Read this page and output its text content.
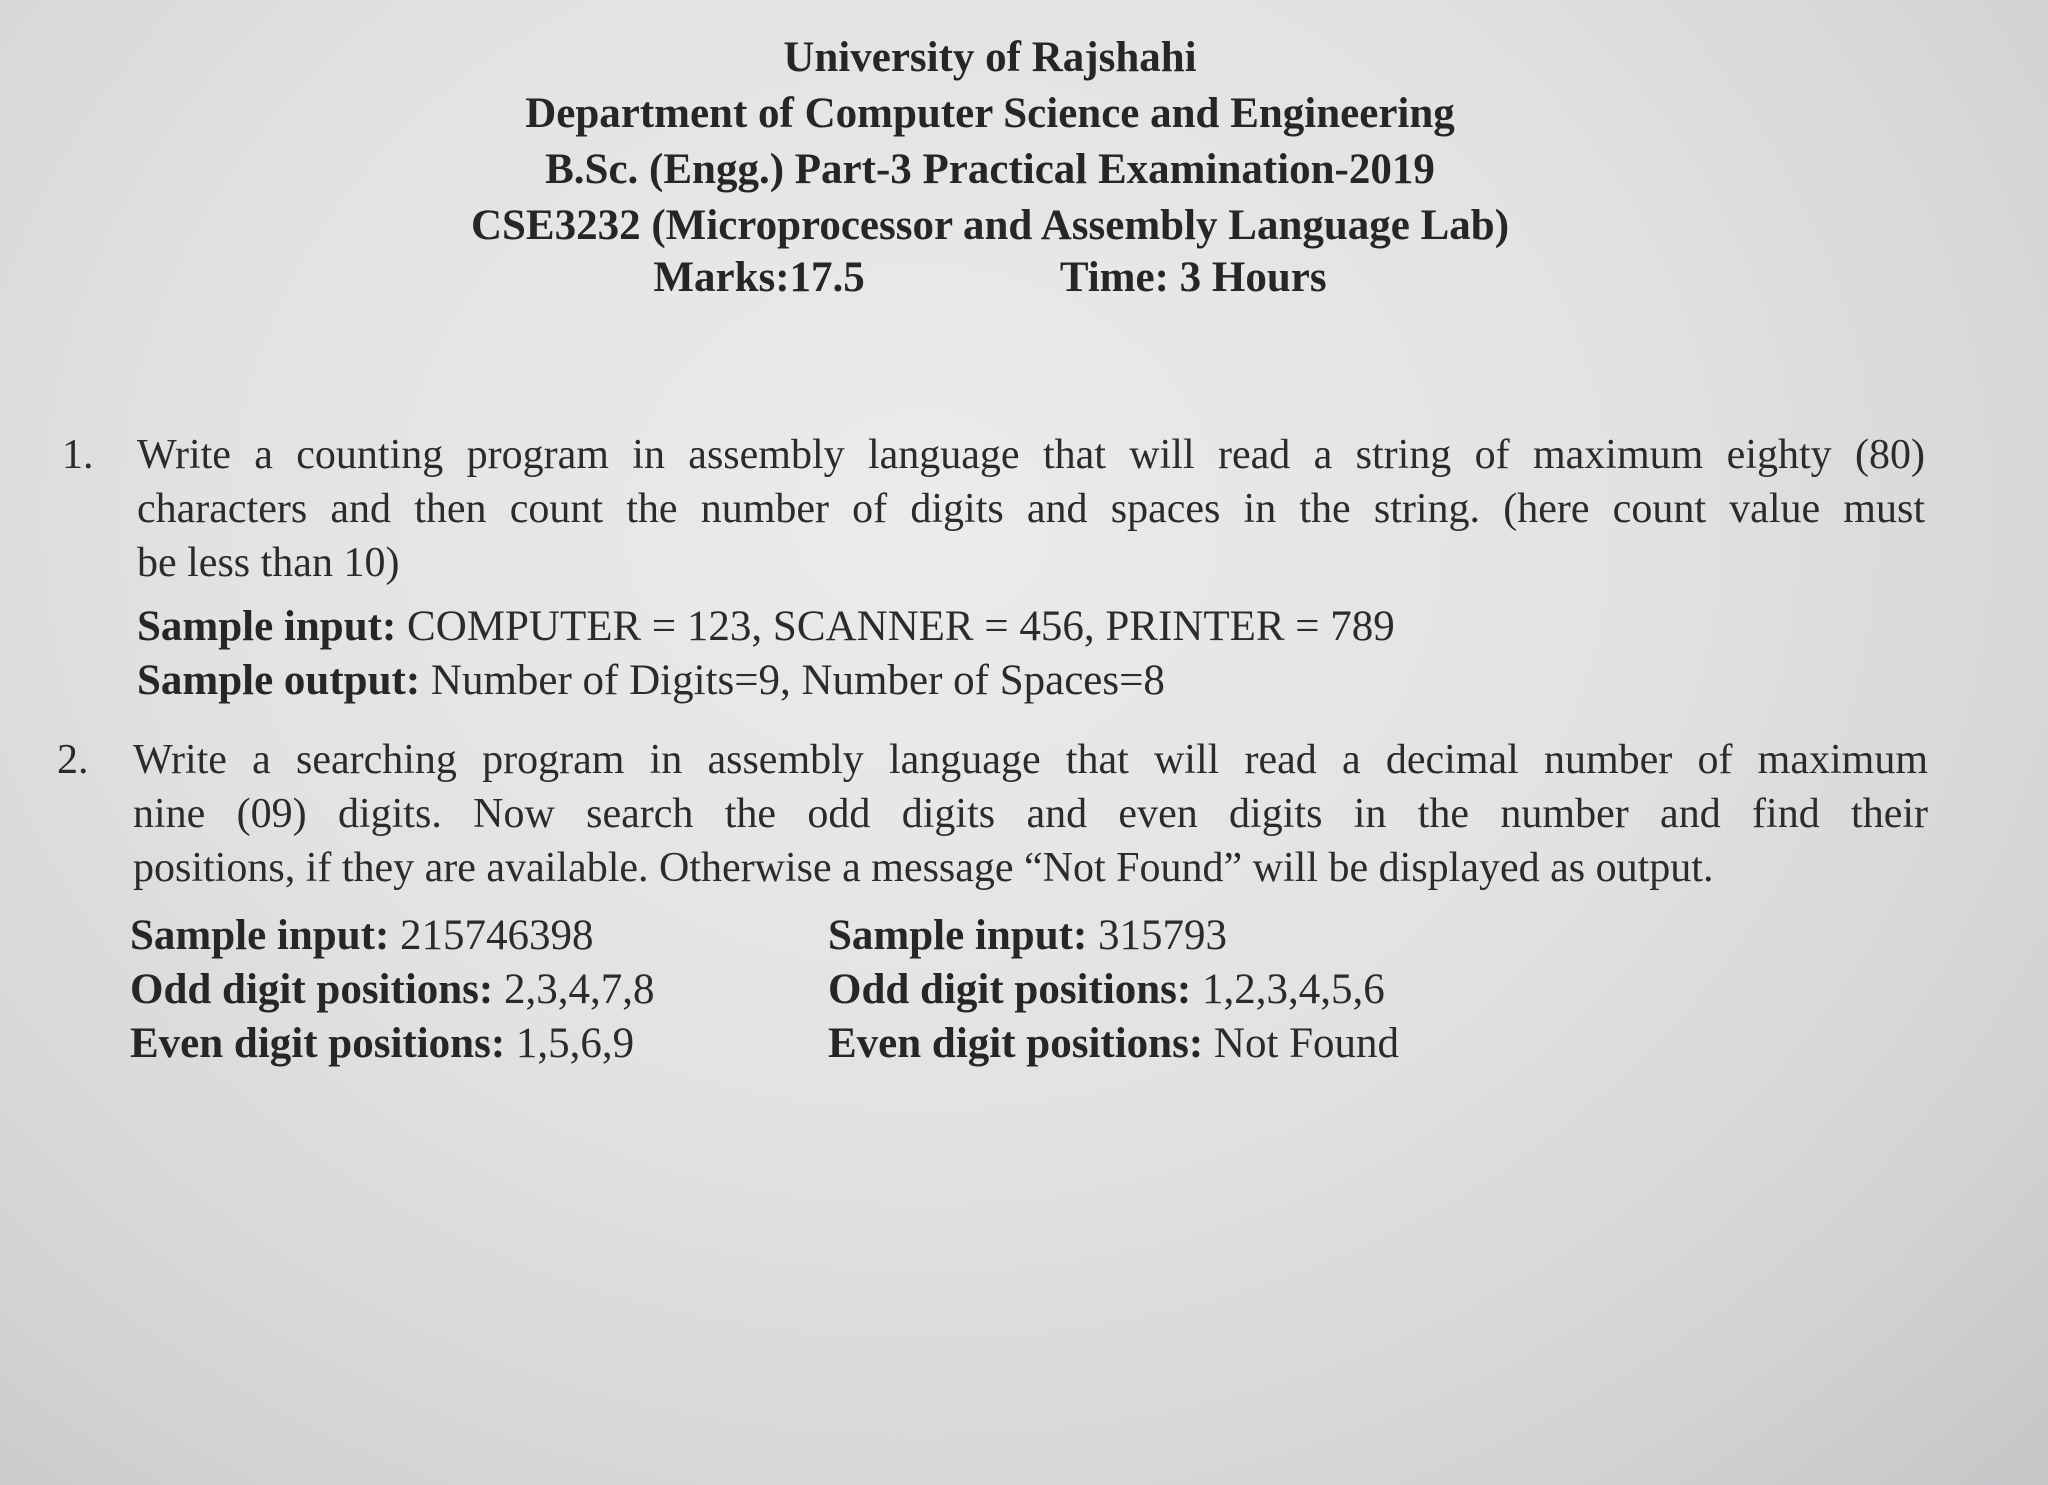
University of Rajshahi
Department of Computer Science and Engineering
B.Sc. (Engg.) Part-3 Practical Examination-2019
CSE3232 (Microprocessor and Assembly Language Lab)
Marks:17.5	Time: 3 Hours
1. Write a counting program in assembly language that will read a string of maximum eighty (80)
characters and then count the number of digits and spaces in the string. (here count value must
be less than 10)
Sample input: COMPUTER = 123, SCANNER = 456, PRINTER = 789
Sample output: Number of Digits=9, Number of Spaces=8
2. Write a searching program in assembly language that will read a decimal number of maximum
nine (09) digits. Now search the odd digits and even digits in the number and find their
positions, if they are available. Otherwise a message “Not Found” will be displayed as output.
Sample input: 215746398
Odd digit positions: 2,3,4,7,8
Even digit positions: 1,5,6,9
Sample input: 315793
Odd digit positions: 1,2,3,4,5,6
Even digit positions: Not Found
